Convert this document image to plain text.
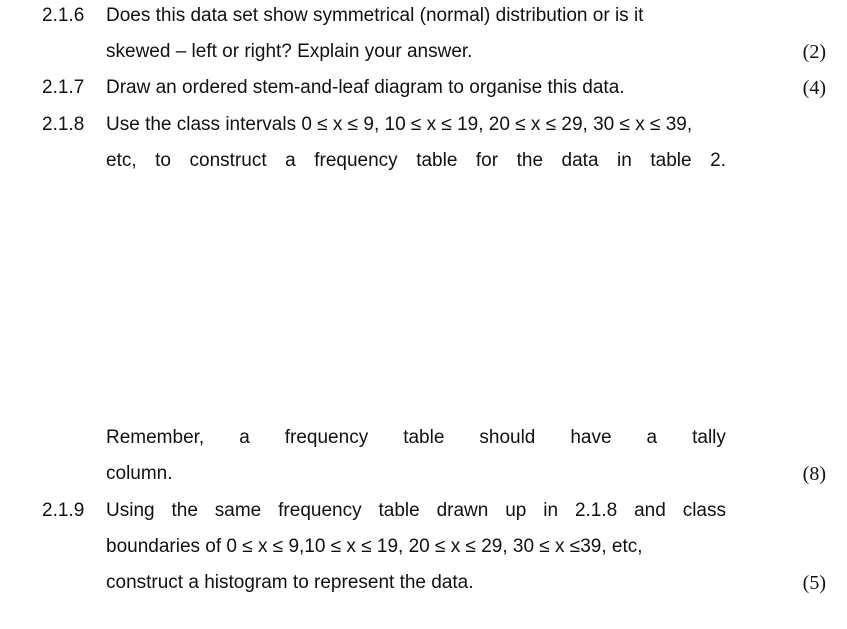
2.1.6 Does this data set show symmetrical (normal) distribution or is it
skewed – left or right? Explain your answer.	(2)
2.1.7 Draw an ordered stem-and-leaf diagram to organise this data.	(4)
2.1.8 Use the class intervals 0 ≤ x ≤ 9, 10 ≤ x ≤ 19, 20 ≤ x ≤ 29, 30 ≤ x ≤ 39,
etc, to construct a frequency table for the data in table 2.
Remember, a frequency table should have a tally
column.	(8)
2.1.9 Using the same frequency table drawn up in 2.1.8 and class
boundaries of 0 ≤ x ≤ 9,10 ≤ x ≤ 19, 20 ≤ x ≤ 29, 30 ≤ x ≤39, etc,
construct a histogram to represent the data.	(5)
